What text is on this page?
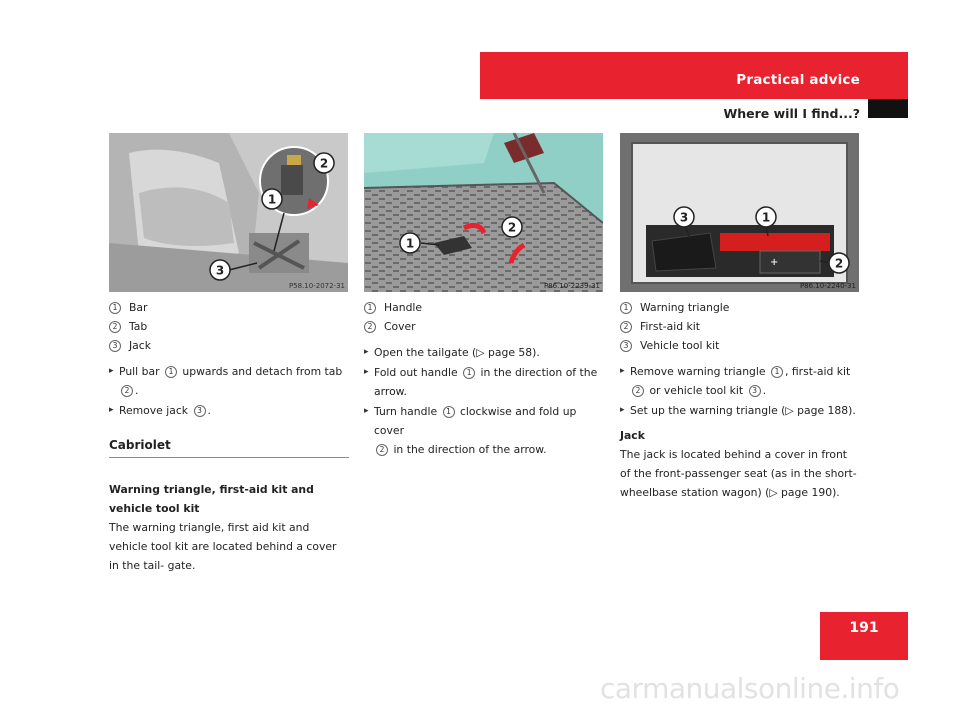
Practical advice
Where will I find...?
1
2
3
P58.10-2072-31
1
2
P86.10-2239-31
+
3	1
2
P86.10-2240-31
1	Bar
2	Tab
3	Jack

▸ Pull bar 1 upwards and detach from tab
2 .

▸ Remove jack 3 .

Cabriolet

Warning triangle, first-aid kit and vehicle tool kit

The warning triangle, first aid kit and vehicle tool kit are located behind a cover in the tail- gate.

1	Handle
2	Cover

▸ Open the tailgate (▷ page 58).

▸ Fold out handle 1 in the direction of the arrow.

▸ Turn handle 1 clockwise and fold up cover
2 in the direction of the arrow.

1	Warning triangle
2	First-aid kit
3	Vehicle tool kit

▸ Remove warning triangle 1 , first-aid kit
2 or vehicle tool kit 3 .

▸ Set up the warning triangle (▷ page 188).

Jack

The jack is located behind a cover in front of the front-passenger seat (as in the short- wheelbase station wagon) (▷ page 190).

191
carmanualsonline.info
